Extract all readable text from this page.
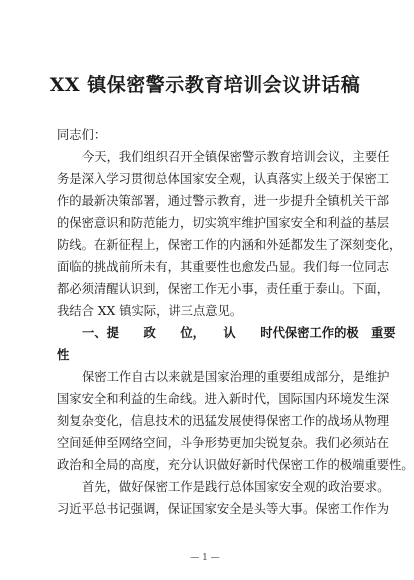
XX 镇保密警示教育培训会议讲话稿
同志们：
今天，我们组织召开全镇保密警示教育培训会议，主要任
务是深入学习贯彻总体国家安全观，认真落实上级关于保密工
作的最新决策部署，通过警示教育，进一步提升全镇机关干部
的保密意识和防范能力，切实筑牢维护国家安全和利益的基层
防线。在新征程上，保密工作的内涵和外延都发生了深刻变化，
面临的挑战前所未有，其重要性也愈发凸显。我们每一位同志
都必须清醒认识到，保密工作无小事，责任重于泰山。下面，
我结合 XX 镇实际，讲三点意见。
一、提　　政　　位，　　认　　时代保密工作的极　重要
性
保密工作自古以来就是国家治理的重要组成部分，是维护
国家安全和利益的生命线。进入新时代，国际国内环境发生深
刻复杂变化，信息技术的迅猛发展使得保密工作的战场从物理
空间延伸至网络空间，斗争形势更加尖锐复杂。我们必须站在
政治和全局的高度，充分认识做好新时代保密工作的极端重要性。
首先，做好保密工作是践行总体国家安全观的政治要求。
习近平总书记强调，保证国家安全是头等大事。保密工作作为
— 1 —
